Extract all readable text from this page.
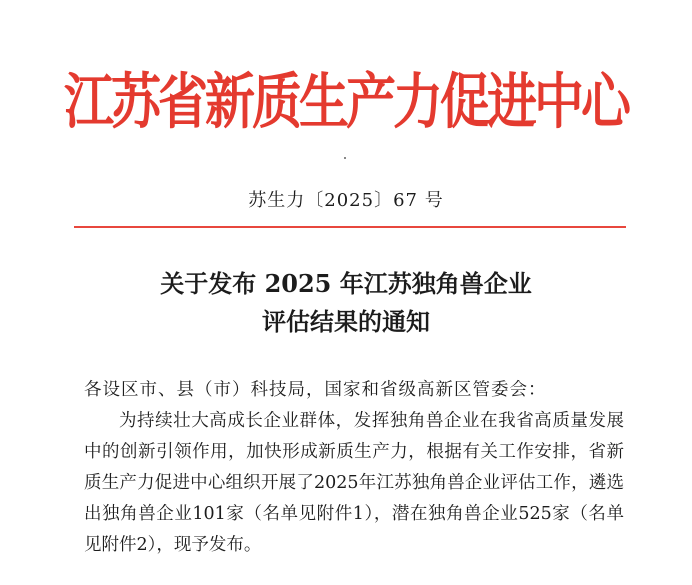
江苏省新质生产力促进中心
苏生力〔2025〕67 号
关于发布 2025 年江苏独角兽企业
评估结果的通知

各设区市、县（市）科技局，国家和省级高新区管委会：

为持续壮大高成长企业群体，发挥独角兽企业在我省高质量发展中的创新引领作用，加快形成新质生产力，根据有关工作安排，省新质生产力促进中心组织开展了2025年江苏独角兽企业评估工作，遴选出独角兽企业101家（名单见附件1），潜在独角兽企业525家（名单见附件2），现予发布。
